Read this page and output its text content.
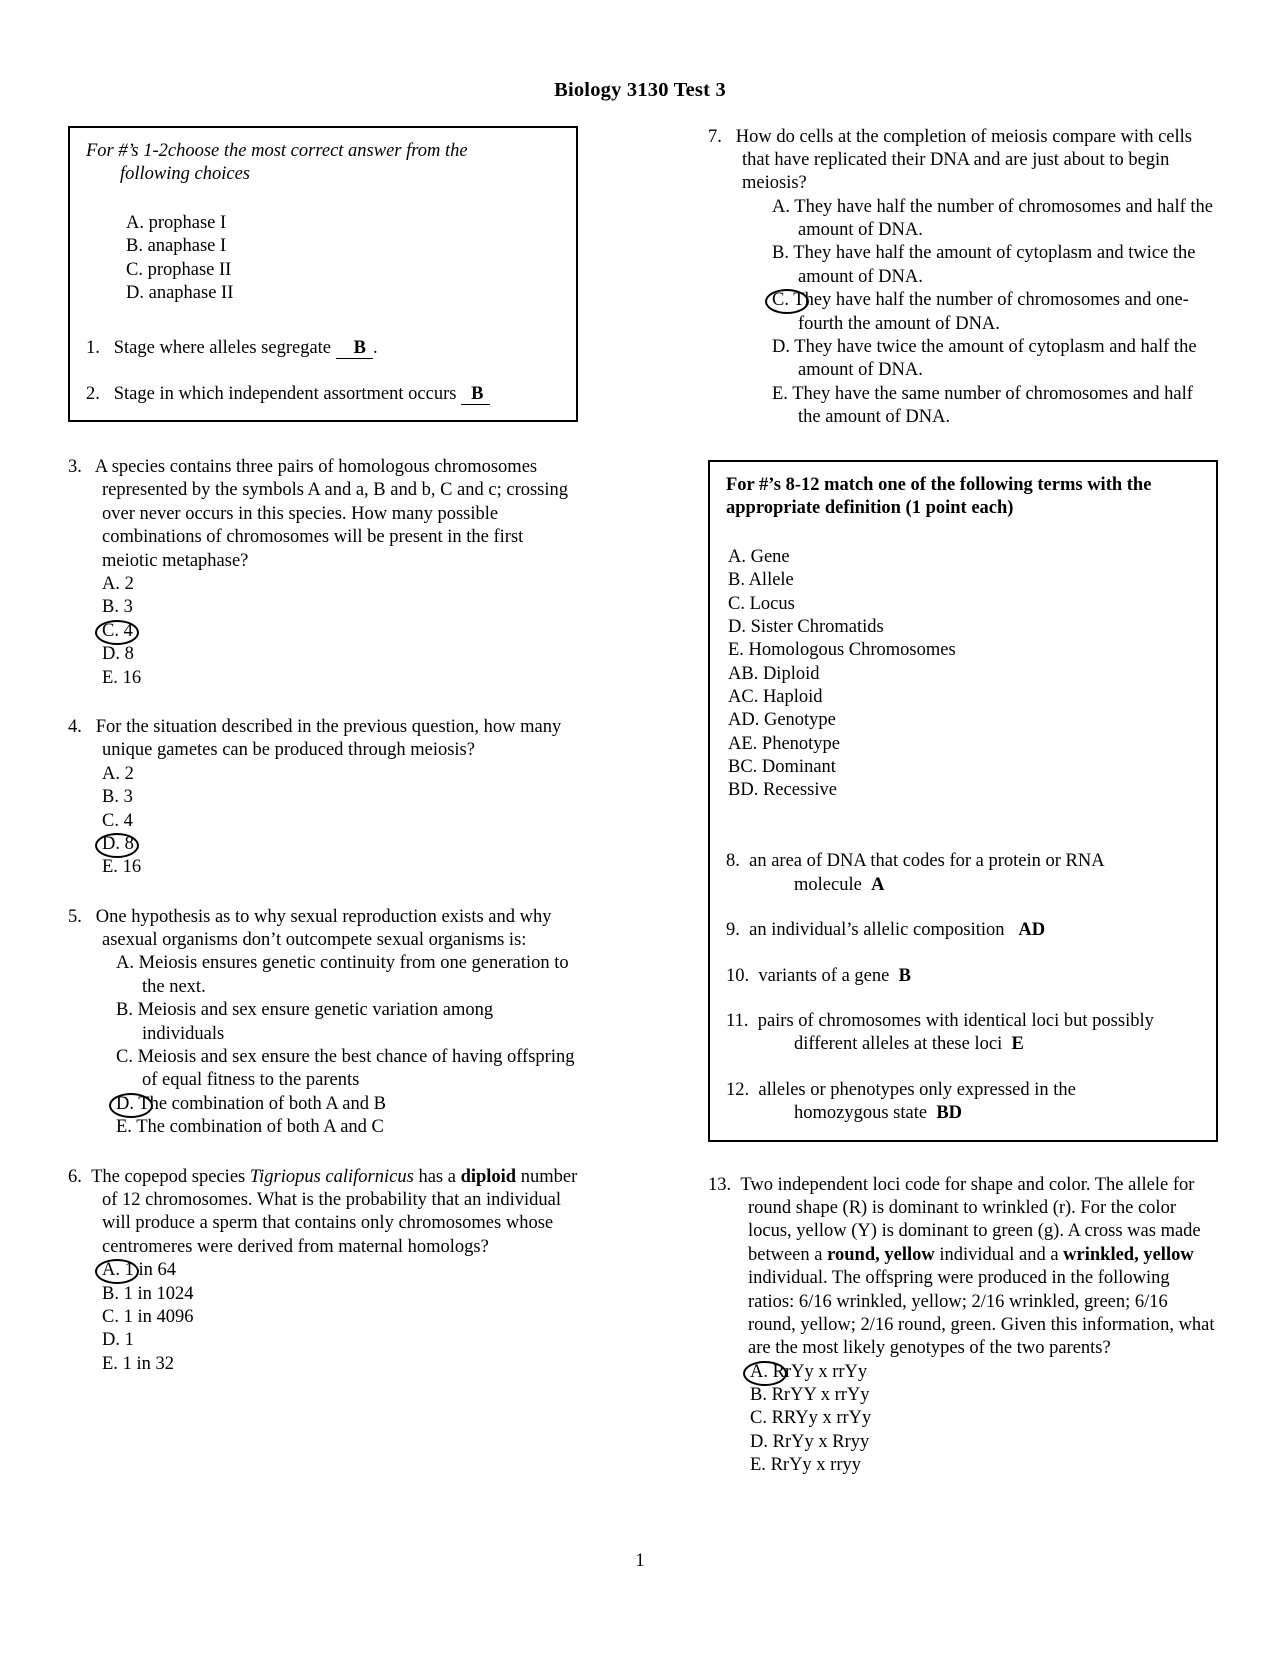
Biology 3130 Test 3
For #’s 1-2choose the most correct answer from the
following choices
A. prophase I
B. anaphase I
C. prophase II
D. anaphase II
1. Stage where alleles segregate B .
2. Stage in which independent assortment occurs B
3. A species contains three pairs of homologous chromosomes represented by the symbols A and a, B and b, C and c; crossing over never occurs in this species. How many possible combinations of chromosomes will be present in the first meiotic metaphase?
A. 2
B. 3
C. 4
D. 8
E. 16
4. For the situation described in the previous question, how many unique gametes can be produced through meiosis?
A. 2
B. 3
C. 4
D. 8
E. 16
5. One hypothesis as to why sexual reproduction exists and why asexual organisms don’t outcompete sexual organisms is:
A. Meiosis ensures genetic continuity from one generation to the next.
B. Meiosis and sex ensure genetic variation among individuals
C. Meiosis and sex ensure the best chance of having offspring of equal fitness to the parents
D. The combination of both A and B
E. The combination of both A and C
6. The copepod species Tigriopus californicus has a diploid number of 12 chromosomes. What is the probability that an individual will produce a sperm that contains only chromosomes whose centromeres were derived from maternal homologs?
A. 1 in 64
B. 1 in 1024
C. 1 in 4096
D. 1
E. 1 in 32
7. How do cells at the completion of meiosis compare with cells that have replicated their DNA and are just about to begin meiosis?
A. They have half the number of chromosomes and half the amount of DNA.
B. They have half the amount of cytoplasm and twice the amount of DNA.
C. They have half the number of chromosomes and one-fourth the amount of DNA.
D. They have twice the amount of cytoplasm and half the amount of DNA.
E. They have the same number of chromosomes and half the amount of DNA.
For #’s 8-12 match one of the following terms with the appropriate definition (1 point each)
A. Gene
B. Allele
C. Locus
D. Sister Chromatids
E. Homologous Chromosomes
AB. Diploid
AC. Haploid
AD. Genotype
AE. Phenotype
BC. Dominant
BD. Recessive
8. an area of DNA that codes for a protein or RNA
molecule A
9. an individual’s allelic composition AD
10. variants of a gene B
11. pairs of chromosomes with identical loci but possibly
different alleles at these loci E
12. alleles or phenotypes only expressed in the
homozygous state BD
13. Two independent loci code for shape and color. The allele for round shape (R) is dominant to wrinkled (r). For the color locus, yellow (Y) is dominant to green (g). A cross was made between a round, yellow individual and a wrinkled, yellow individual. The offspring were produced in the following ratios: 6/16 wrinkled, yellow; 2/16 wrinkled, green; 6/16 round, yellow; 2/16 round, green. Given this information, what are the most likely genotypes of the two parents?
A. RrYy x rrYy
B. RrYY x rrYy
C. RRYy x rrYy
D. RrYy x Rryy
E. RrYy x rryy
1
